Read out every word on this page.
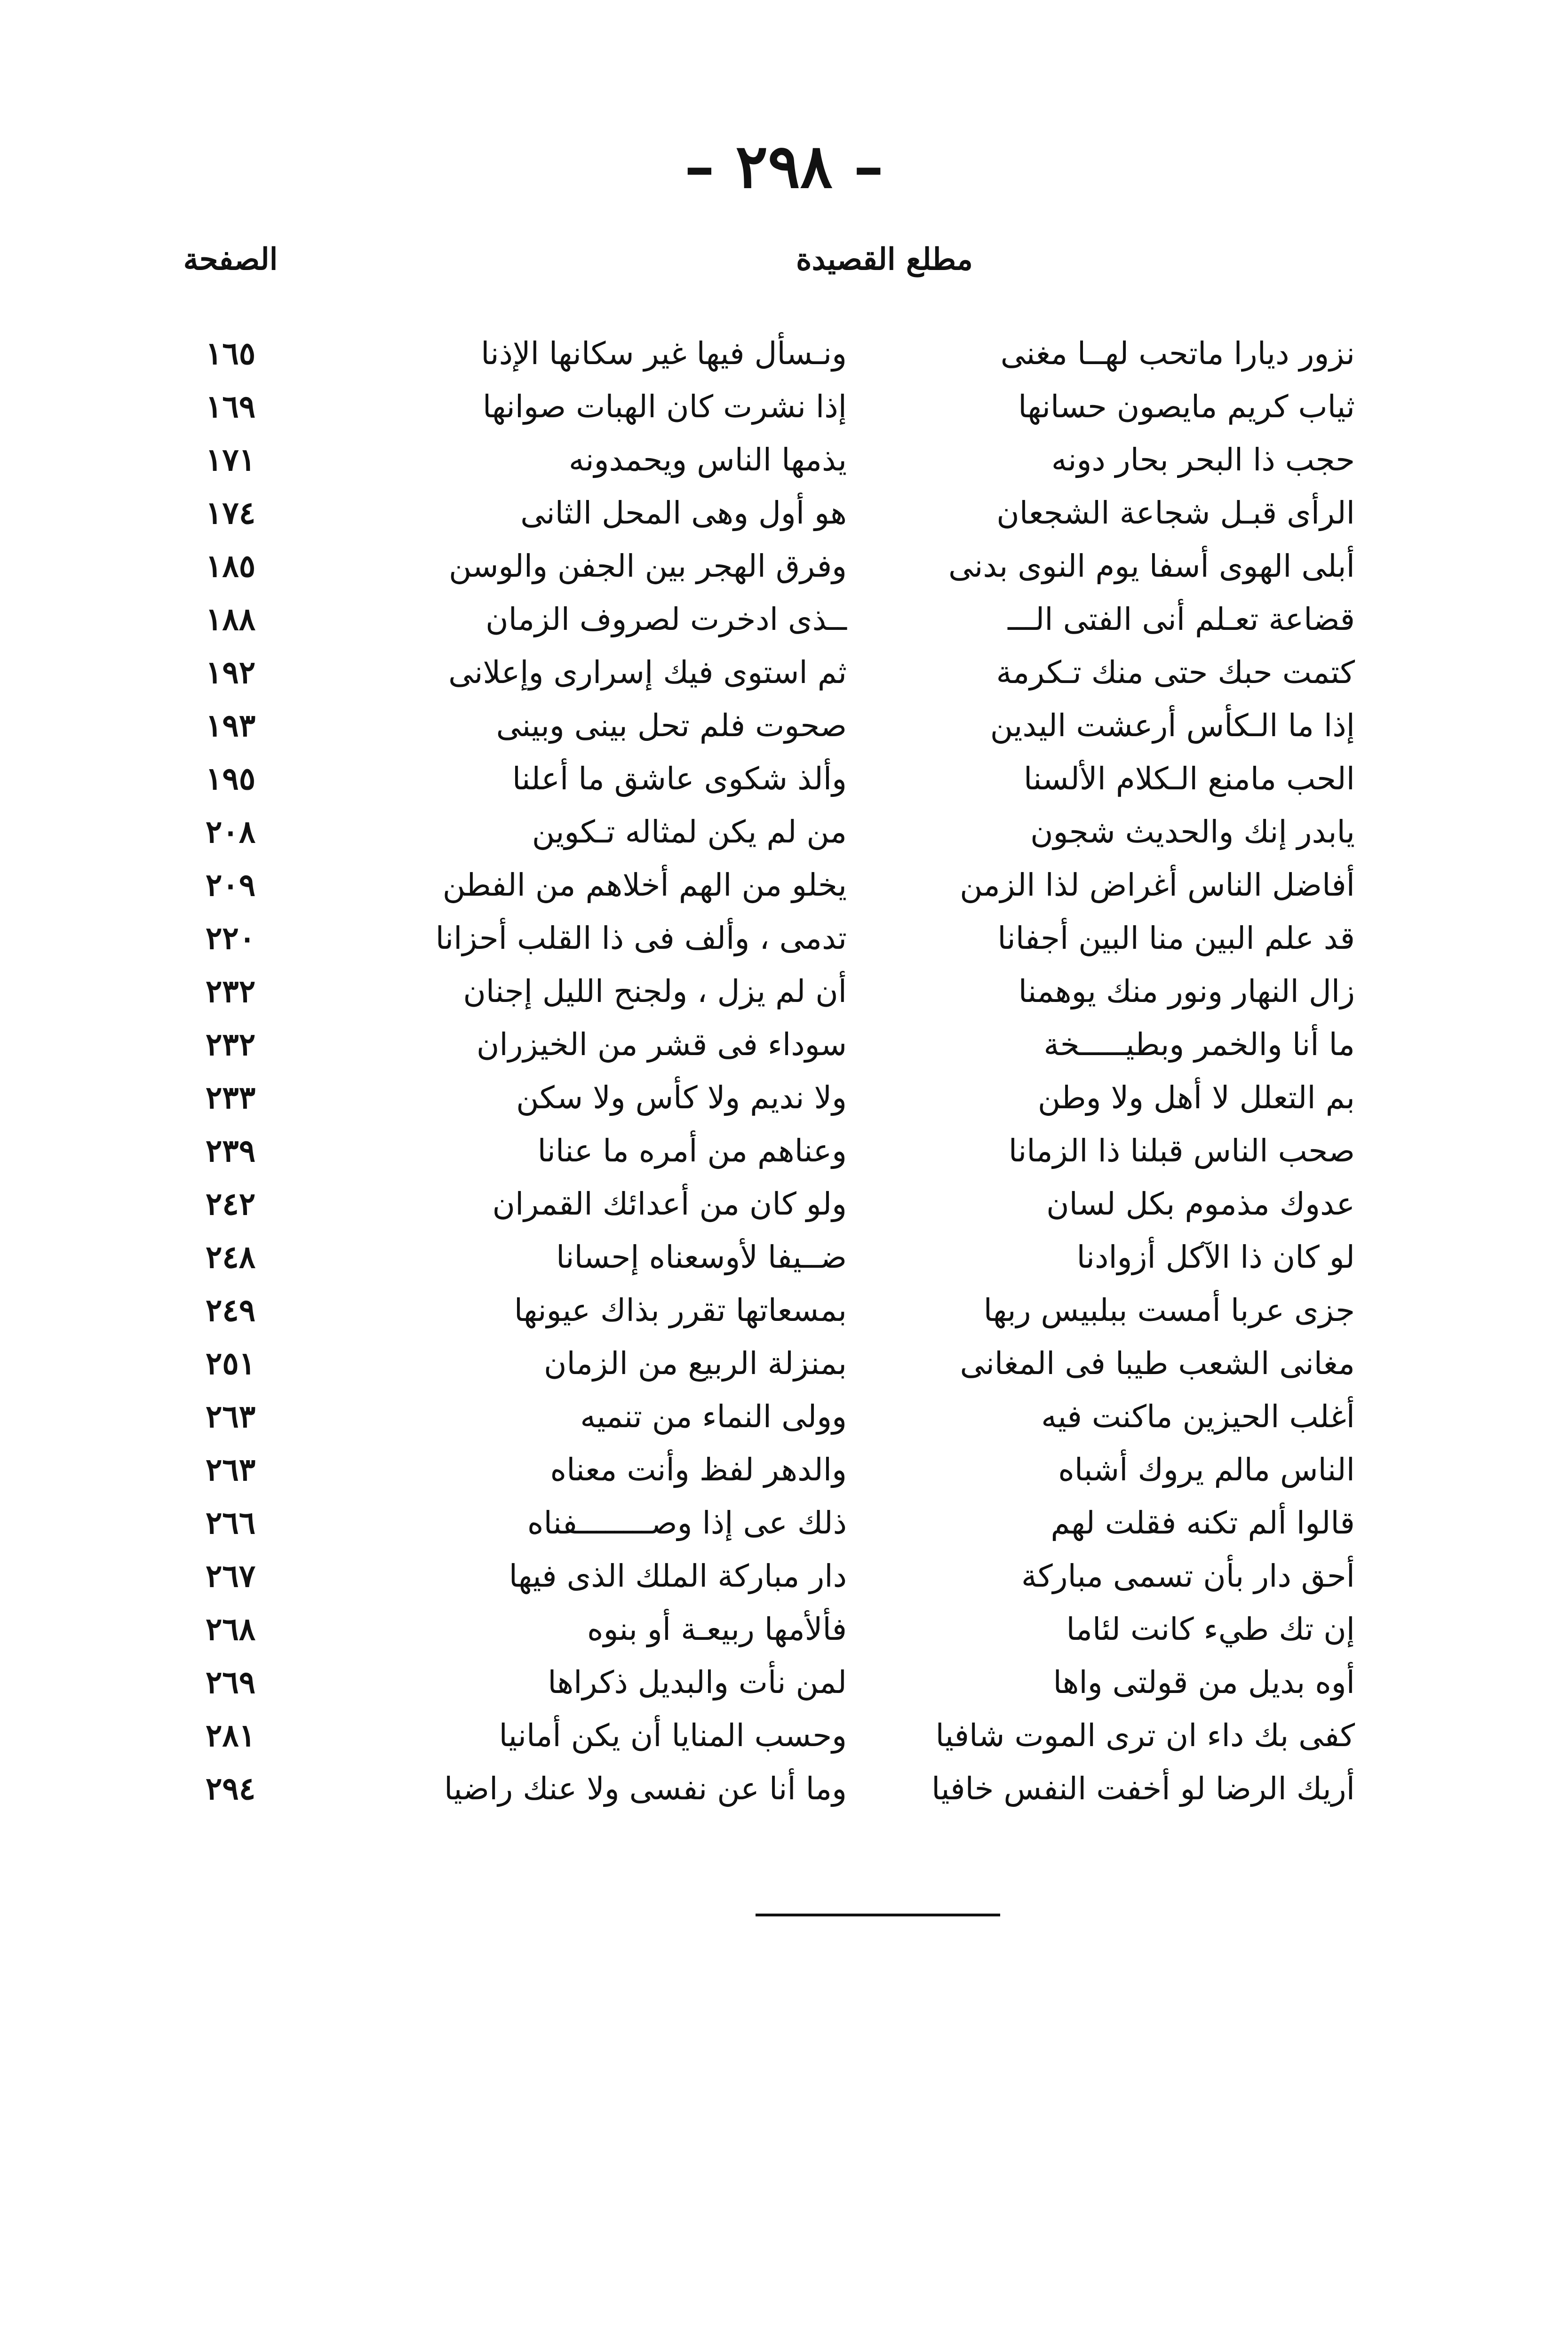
– ٢٩٨ –
مطلع القصيدة
الصفحة
نزور ديارا ماتحب لهــا مغنى
ونـسأل فيها غير سكانها الإذنا
١٦٥
ثياب كريم مايصون حسانها
إذا نشرت كان الهبات صوانها
١٦٩
حجب ذا البحر بحار دونه
يذمها الناس ويحمدونه
١٧١
الرأى قبـل شجاعة الشجعان
هو أول وهى المحل الثانى
١٧٤
أبلى الهوى أسفا يوم النوى بدنى
وفرق الهجر بين الجفن والوسن
١٨٥
قضاعة تعـلم أنى الفتى الـــ
ــذى ادخرت لصروف الزمان
١٨٨
كتمت حبك حتى منك تـكرمة
ثم استوى فيك إسرارى وإعلانى
١٩٢
إذا ما الـكأس أرعشت اليدين
صحوت فلم تحل بينى وبينى
١٩٣
الحب مامنع الـكلام الألسنا
وألذ شكوى عاشق ما أعلنا
١٩٥
يابدر إنك والحديث شجون
من لم يكن لمثاله تـكوين
٢٠٨
أفاضل الناس أغراض لذا الزمن
يخلو من الهم أخلاهم من الفطن
٢٠٩
قد علم البين منا البين أجفانا
تدمى ، وألف فى ذا القلب أحزانا
٢٢٠
زال النهار ونور منك يوهمنا
أن لم يزل ، ولجنح الليل إجنان
٢٣٢
ما أنا والخمر وبطيـــــخة
سوداء فى قشر من الخيزران
٢٣٢
بم التعلل لا أهل ولا وطن
ولا نديم ولا كأس ولا سكن
٢٣٣
صحب الناس قبلنا ذا الزمانا
وعناهم من أمره ما عنانا
٢٣٩
عدوك مذموم بكل لسان
ولو كان من أعدائك القمران
٢٤٢
لو كان ذا الآكل أزوادنا
ضــيفا لأوسعناه إحسانا
٢٤٨
جزى عربا أمست ببلبيس ربها
بمسعاتها تقرر بذاك عيونها
٢٤٩
مغانى الشعب طيبا فى المغانى
بمنزلة الربيع من الزمان
٢٥١
أغلب الحيزين ماكنت فيه
وولى النماء من تنميه
٢٦٣
الناس مالم يروك أشباه
والدهر لفظ وأنت معناه
٢٦٣
قالوا ألم تكنه فقلت لهم
ذلك عى إذا وصــــــــفناه
٢٦٦
أحق دار بأن تسمى مباركة
دار مباركة الملك الذى فيها
٢٦٧
إن تك طيء كانت لئاما
فألأمها ربيعـة أو بنوه
٢٦٨
أوه بديل من قولتى واها
لمن نأت والبديل ذكراها
٢٦٩
كفى بك داء ان ترى الموت شافيا
وحسب المنايا أن يكن أمانيا
٢٨١
أريك الرضا لو أخفت النفس خافيا
وما أنا عن نفسى ولا عنك راضيا
٢٩٤
